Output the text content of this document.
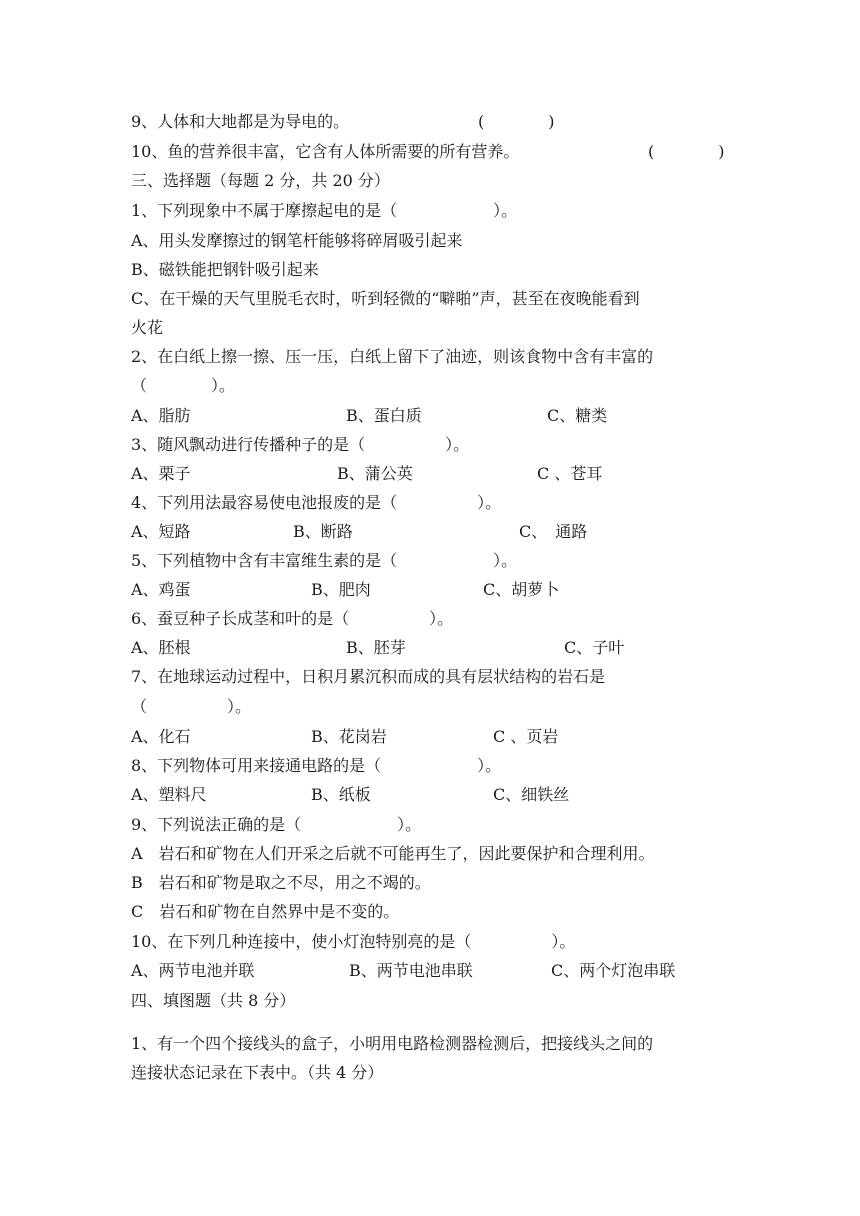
9、人体和大地都是为导电的。	(　　　　)
10、鱼的营养很丰富，它含有人体所需要的所有营养。	(　　　　)
三、选择题（每题 2 分，共 20 分）
1、下列现象中不属于摩擦起电的是（　　　　　　）。
A、用头发摩擦过的钢笔杆能够将碎屑吸引起来
B、磁铁能把钢针吸引起来
C、在干燥的天气里脱毛衣时，听到轻微的“噼啪”声，甚至在夜晚能看到
火花
2、在白纸上擦一擦、压一压，白纸上留下了油迹，则该食物中含有丰富的
（　　　　）。
A、脂肪	B、蛋白质	C、糖类
3、随风飘动进行传播种子的是（　　　　　）。
A、栗子	B、蒲公英	C 、苍耳
4、下列用法最容易使电池报废的是（　　　　　）。
A、短路	B、断路	C、　通路
5、下列植物中含有丰富维生素的是（　　　　　　）。
A、鸡蛋	B、肥肉	C、胡萝卜
6、蚕豆种子长成茎和叶的是（　　　　　）。
A、胚根	B、胚芽	C、子叶
7、在地球运动过程中，日积月累沉积而成的具有层状结构的岩石是
（　　　　　）。
A、化石	B、花岗岩	C 、页岩
8、下列物体可用来接通电路的是（　　　　　　）。
A、塑料尺	B、纸板	C、细铁丝
9、下列说法正确的是（　　　　　　）。
A　岩石和矿物在人们开采之后就不可能再生了，因此要保护和合理利用。
B　岩石和矿物是取之不尽，用之不竭的。
C　岩石和矿物在自然界中是不变的。
10、在下列几种连接中，使小灯泡特别亮的是（　　　　　）。
A、两节电池并联	B、两节电池串联	C、两个灯泡串联
四、填图题（共 8 分）
1、有一个四个接线头的盒子，小明用电路检测器检测后，把接线头之间的
连接状态记录在下表中。（共 4 分）
